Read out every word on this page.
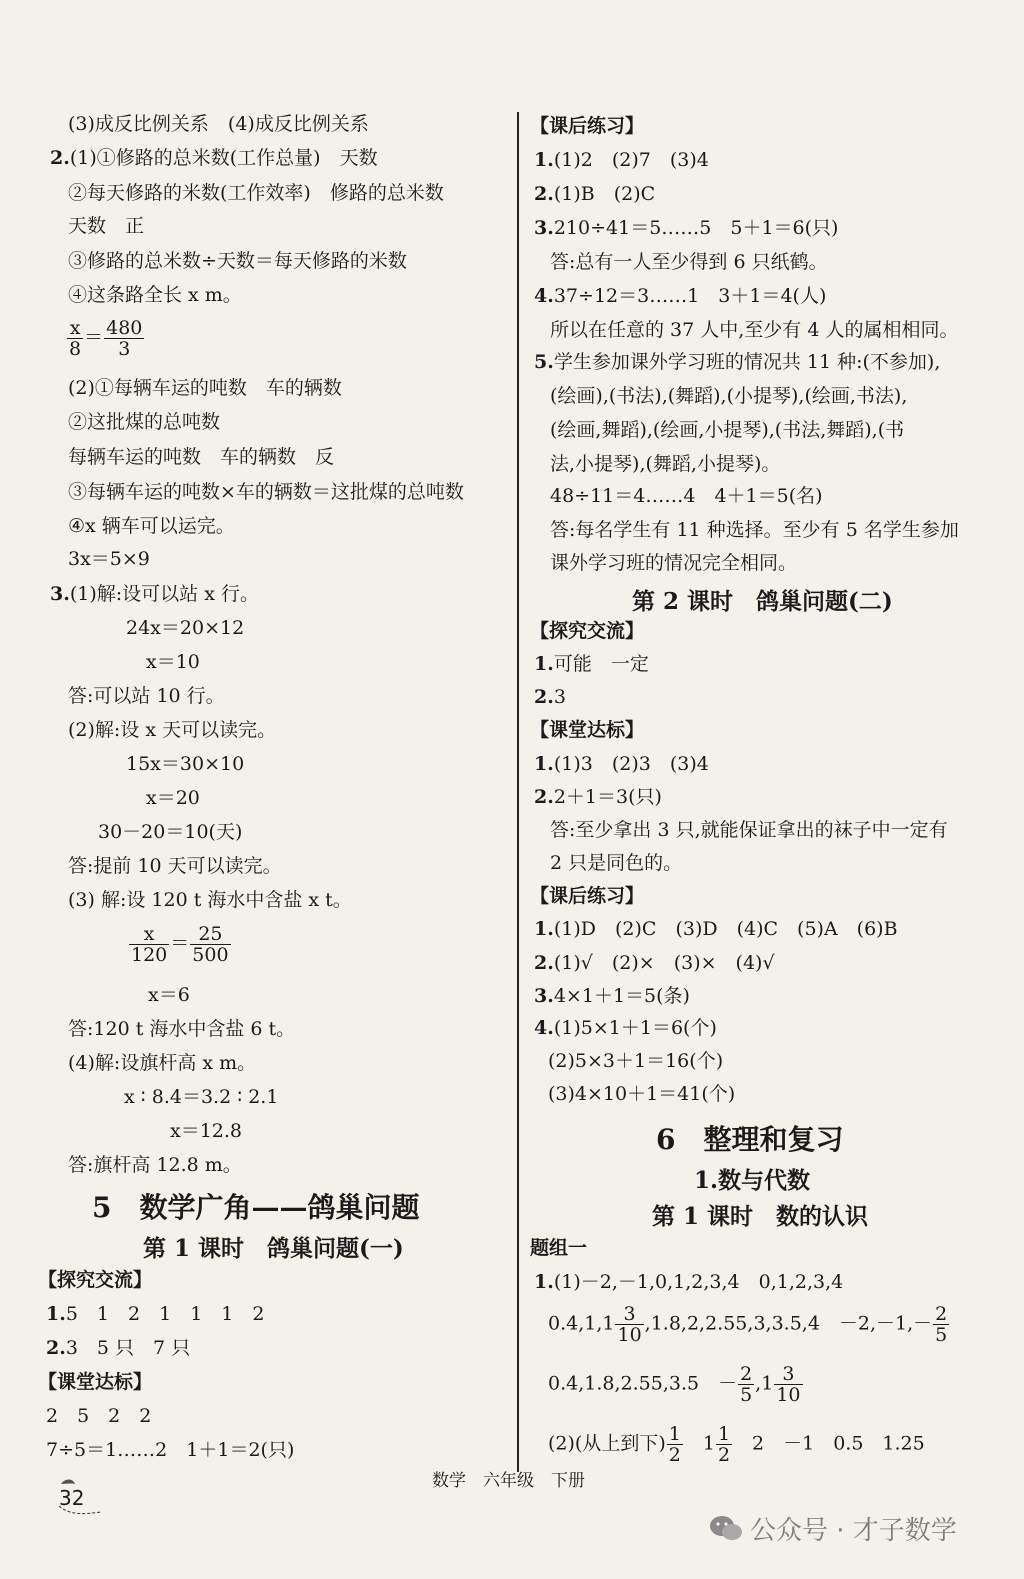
(3)成反比例关系　(4)成反比例关系
2.(1)①修路的总米数(工作总量)　天数
②每天修路的米数(工作效率)　修路的总米数
天数　正
③修路的总米数÷天数＝每天修路的米数
④这条路全长 x m。
$\frac{x}{8} = \frac{480}{3}$
(2)①每辆车运的吨数　车的辆数
②这批煤的总吨数
每辆车运的吨数　车的辆数　反
③每辆车运的吨数×车的辆数＝这批煤的总吨数
④x 辆车可以运完。
3x＝5×9
3.(1)解:设可以站 x 行。
24x＝20×12
x＝10
答:可以站 10 行。
(2)解:设 x 天可以读完。
15x＝30×10
x＝20
30－20＝10(天)
答:提前 10 天可以读完。
(3) 解:设 120 t 海水中含盐 x t。
$\frac{x}{120} = \frac{25}{500}$
x＝6
答:120 t 海水中含盐 6 t。
(4)解:设旗杆高 x m。
x ∶ 8.4＝3.2 ∶ 2.1
x＝12.8
答:旗杆高 12.8 m。
5　数学广角——鸽巢问题
第 1 课时　鸽巢问题(一)
【探究交流】
1.5　1　2　1　1　1　2
2.3　5 只　7 只
【课堂达标】
2　5　2　2
7÷5＝1……2　1＋1＝2(只)
【课后练习】
1.(1)2　(2)7　(3)4
2.(1)B　(2)C
3.210÷41＝5……5　5＋1＝6(只)
答:总有一人至少得到 6 只纸鹤。
4.37÷12＝3……1　3＋1＝4(人)
所以在任意的 37 人中,至少有 4 人的属相相同。
5.学生参加课外学习班的情况共 11 种:(不参加),
(绘画),(书法),(舞蹈),(小提琴),(绘画,书法),
(绘画,舞蹈),(绘画,小提琴),(书法,舞蹈),(书
法,小提琴),(舞蹈,小提琴)。
48÷11＝4……4　4＋1＝5(名)
答:每名学生有 11 种选择。至少有 5 名学生参加
课外学习班的情况完全相同。
第 2 课时　鸽巢问题(二)
【探究交流】
1.可能　一定
2.3
【课堂达标】
1.(1)3　(2)3　(3)4
2.2＋1＝3(只)
答:至少拿出 3 只,就能保证拿出的袜子中一定有
2 只是同色的。
【课后练习】
1.(1)D　(2)C　(3)D　(4)C　(5)A　(6)B
2.(1)√　(2)×　(3)×　(4)√
3.4×1＋1＝5(条)
4.(1)5×1＋1＝6(个)
(2)5×3＋1＝16(个)
(3)4×10＋1＝41(个)
6　整理和复习
1.数与代数
第 1 课时　数的认识
题组一
1.(1)－2,－1,0,1,2,3,4　0,1,2,3,4
$0.4,1,1 \frac{3}{10} ,1.8,2,2.55,3,3.5,4$　$-2,-1,- \frac{2}{5}$
0.4,1.8,2.55,3.5　－ $\frac{2}{5} ,1 \frac{3}{10}$
(2)(从上到下) $\frac{1}{2}$ 　$1 \frac{1}{2}$ 　2　－1　0.5　1.25
32
数学　六年级　下册
公众号 · 才子数学
